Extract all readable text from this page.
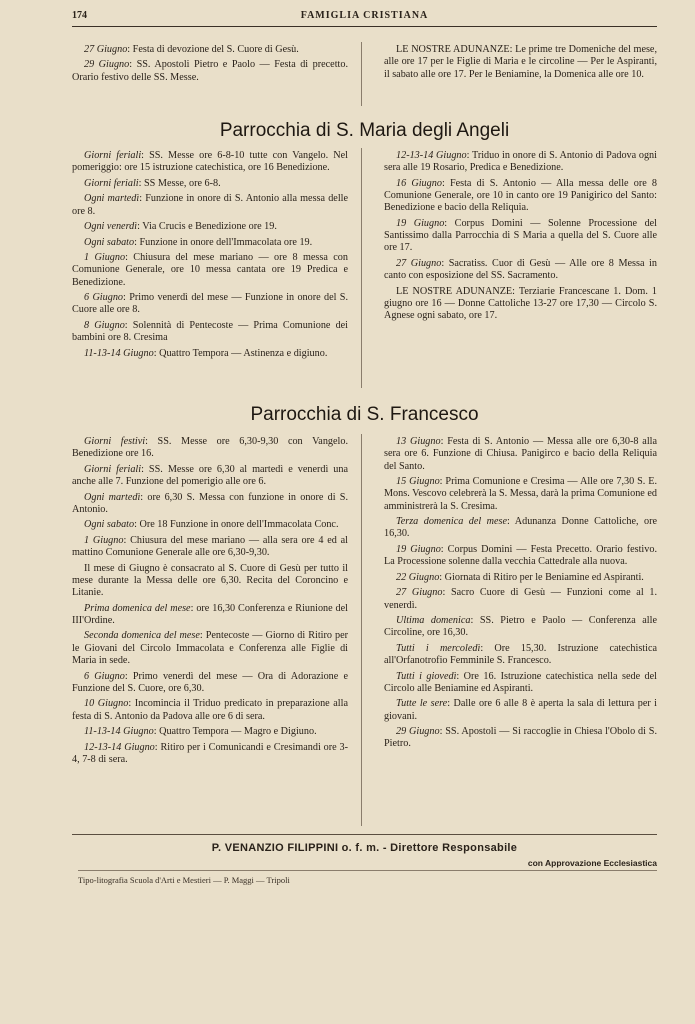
174	FAMIGLIA CRISTIANA

27 Giugno: Festa di devozione del S. Cuore di Gesù.

29 Giugno: SS. Apostoli Pietro e Paolo — Festa di precetto. Orario festivo delle SS. Messe.

LE NOSTRE ADUNANZE: Le prime tre Domeniche del mese, alle ore 17 per le Figlie di Maria e le circoline — Per le Aspiranti, il sabato alle ore 17. Per le Beniamine, la Domenica alle ore 10.

Parrocchia di S. Maria degli Angeli

Giorni feriali: SS. Messe ore 6-8-10 tutte con Vangelo. Nel pomeriggio: ore 15 istruzione catechistica, ore 16 Benedizione.

Giorni feriali: SS Messe, ore 6-8.

Ogni martedì: Funzione in onore di S. Antonio alla messa delle ore 8.

Ogni venerdì: Via Crucis e Benedizione ore 19.

Ogni sabato: Funzione in onore dell'Immacolata ore 19.

1 Giugno: Chiusura del mese mariano — ore 8 messa con Comunione Generale, ore 10 messa cantata ore 19 Predica e Benedizione.

6 Giugno: Primo venerdì del mese — Funzione in onore del S. Cuore alle ore 8.

8 Giugno: Solennità di Pentecoste — Prima Comunione dei bambini ore 8. Cresima

11-13-14 Giugno: Quattro Tempora — Astinenza e digiuno.

12-13-14 Giugno: Triduo in onore di S. Antonio di Padova ogni sera alle 19 Rosario, Predica e Benedizione.

16 Giugno: Festa di S. Antonio — Alla messa delle ore 8 Comunione Generale, ore 10 in canto ore 19 Panigirico del Santo: Benedizione e bacio della Reliquia.

19 Giugno: Corpus Domini — Solenne Processione del Santissimo dalla Parrocchia di S Maria a quella del S. Cuore alle ore 17.

27 Giugno: Sacratiss. Cuor di Gesù — Alle ore 8 Messa in canto con esposizione del SS. Sacramento.

LE NOSTRE ADUNANZE: Terziarie Francescane 1. Dom. 1 giugno ore 16 — Donne Cattoliche 13-27 ore 17,30 — Circolo S. Agnese ogni sabato, ore 17.

Parrocchia di S. Francesco

Giorni festivi: SS. Messe ore 6,30-9,30 con Vangelo. Benedizione ore 16.

Giorni feriali: SS. Messe ore 6,30 al martedì e venerdì una anche alle 7. Funzione del pomerigio alle ore 6.

Ogni martedì: ore 6,30 S. Messa con funzione in onore di S. Antonio.

Ogni sabato: Ore 18 Funzione in onore dell'Immacolata Conc.

1 Giugno: Chiusura del mese mariano — alla sera ore 4 ed al mattino Comunione Generale alle ore 6,30-9,30.

Il mese di Giugno è consacrato al S. Cuore di Gesù per tutto il mese durante la Messa delle ore 6,30. Recita del Coroncino e Litanie.

Prima domenica del mese: ore 16,30 Conferenza e Riunione del III'Ordine.

Seconda domenica del mese: Pentecoste — Giorno di Ritiro per le Giovani del Circolo Immacolata e Conferenza alle Figlie di Maria in sede.

6 Giugno: Primo venerdì del mese — Ora di Adorazione e Funzione del S. Cuore, ore 6,30.

10 Giugno: Incomincia il Triduo predicato in preparazione alla festa di S. Antonio da Padova alle ore 6 di sera.

11-13-14 Giugno: Quattro Tempora — Magro e Digiuno.

12-13-14 Giugno: Ritiro per i Comunicandi e Cresimandi ore 3-4, 7-8 di sera.

13 Giugno: Festa di S. Antonio — Messa alle ore 6,30-8 alla sera ore 6. Funzione di Chiusa. Panigirco e bacio della Reliquia del Santo.

15 Giugno: Prima Comunione e Cresima — Alle ore 7,30 S. E. Mons. Vescovo celebrerà la S. Messa, darà la prima Comunione ed amministrerà la S. Cresima.

Terza domenica del mese: Adunanza Donne Cattoliche, ore 16,30.

19 Giugno: Corpus Domini — Festa Precetto. Orario festivo. La Processione solenne dalla vecchia Cattedrale alla nuova.

22 Giugno: Giornata di Ritiro per le Beniamine ed Aspiranti.

27 Giugno: Sacro Cuore di Gesù — Funzioni come al 1. venerdì.

Ultima domenica: SS. Pietro e Paolo — Conferenza alle Circoline, ore 16,30.

Tutti i mercoledì: Ore 15,30. Istruzione catechistica all'Orfanotrofio Femminile S. Francesco.

Tutti i giovedì: Ore 16. Istruzione catechistica nella sede del Circolo alle Beniamine ed Aspiranti.

Tutte le sere: Dalle ore 6 alle 8 è aperta la sala di lettura per i giovani.

29 Giugno: SS. Apostoli — Si raccoglie in Chiesa l'Obolo di S. Pietro.

P. VENANZIO FILIPPINI o. f. m. - Direttore Responsabile
con Approvazione Ecclesiastica
Tipo-litografia Scuola d'Arti e Mestieri — P. Maggi — Tripoli
